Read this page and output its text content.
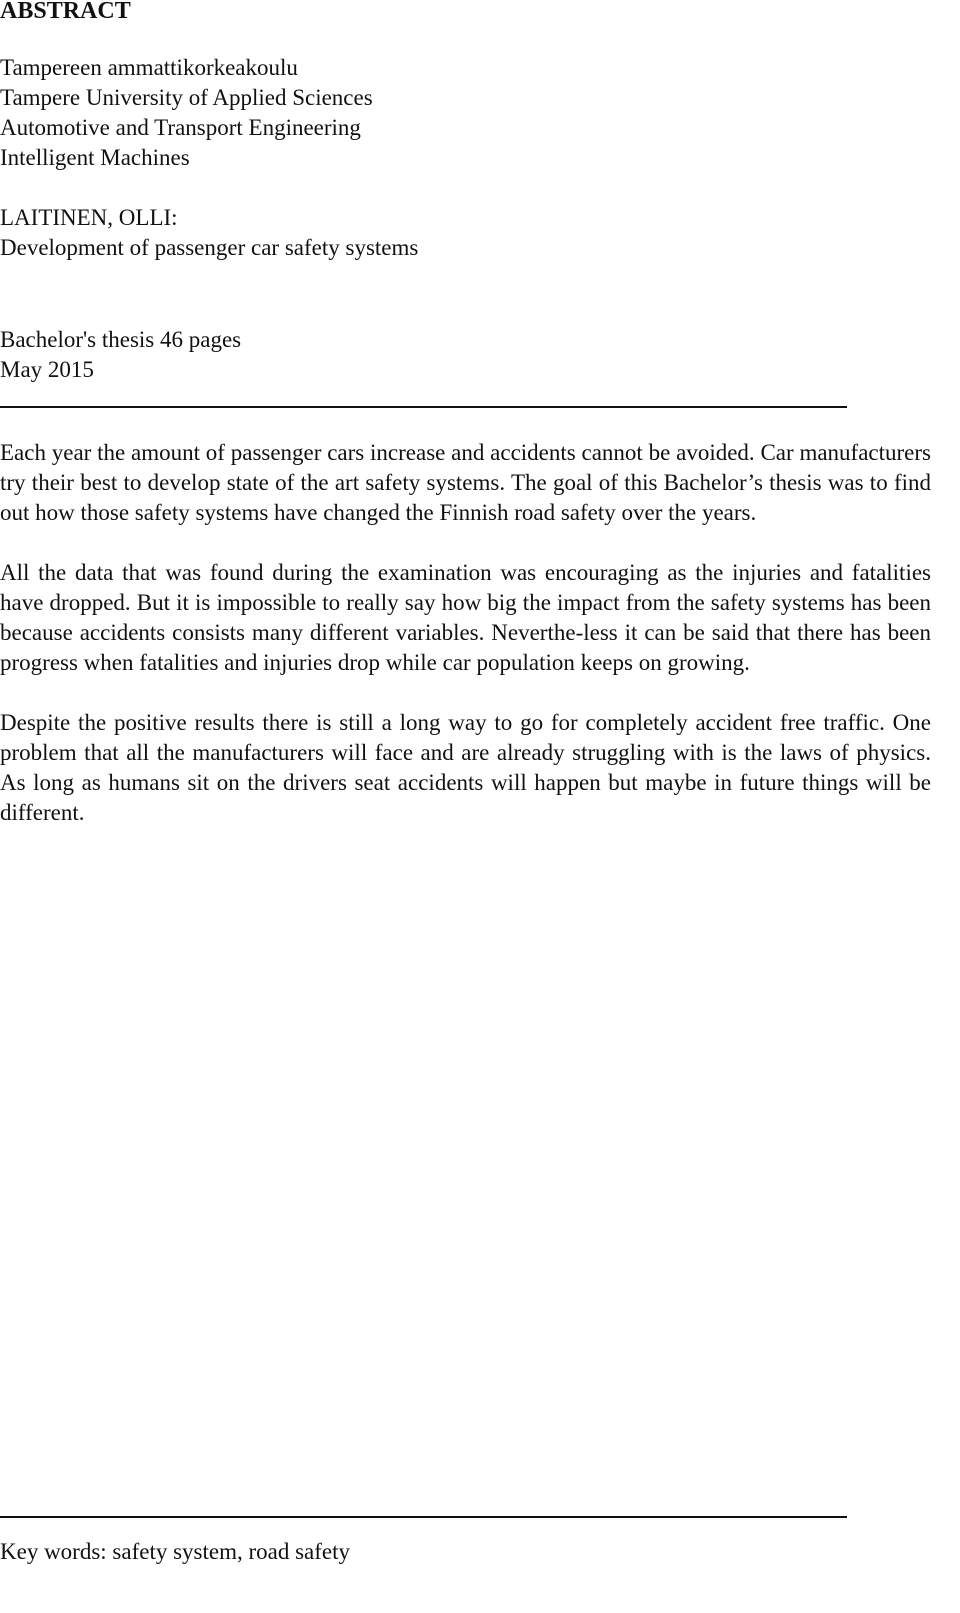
ABSTRACT
Tampereen ammattikorkeakoulu
Tampere University of Applied Sciences
Automotive and Transport Engineering
Intelligent Machines
LAITINEN, OLLI:
Development of passenger car safety systems
Bachelor's thesis 46 pages
May 2015

Each year the amount of passenger cars increase and accidents cannot be avoided. Car manufacturers try their best to develop state of the art safety systems. The goal of this Bachelor’s thesis was to find out how those safety systems have changed the Finnish road safety over the years.

All the data that was found during the examination was encouraging as the injuries and fatalities have dropped. But it is impossible to really say how big the impact from the safety systems has been because accidents consists many different variables. Neverthe-less it can be said that there has been progress when fatalities and injuries drop while car population keeps on growing.

Despite the positive results there is still a long way to go for completely accident free traffic. One problem that all the manufacturers will face and are already struggling with is the laws of physics. As long as humans sit on the drivers seat accidents will happen but maybe in future things will be different.

Key words: safety system, road safety
